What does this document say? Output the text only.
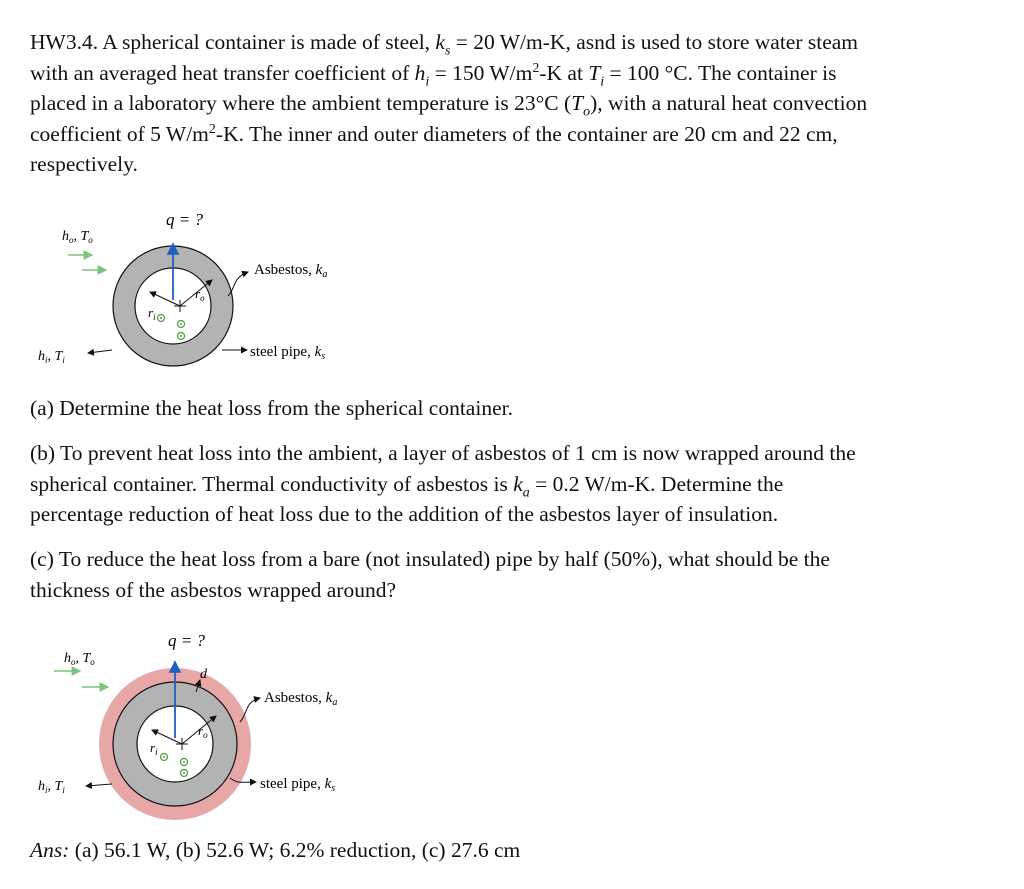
HW3.4. A spherical container is made of steel, $k_s = 20$ W/m-K, asnd is used to store water steam
with an averaged heat transfer coefficient of $h_i = 150$ $W/m^2-K$ at $T_i = 100$ °C. The container is
placed in a laboratory where the ambient temperature is 23°C $(T_o)$, with a natural heat convection
coefficient of 5 $W/m^2-K$. The inner and outer diameters of the container are 20 cm and 22 cm,
respectively.
q = ?
$h_o$, $T_o$
$h_i$, $T_i$
Asbestos, $k_a$
steel pipe, $k_s$
$r_i$
$r_o$
(a) Determine the heat loss from the spherical container.
(b) To prevent heat loss into the ambient, a layer of asbestos of 1 cm is now wrapped around the
spherical container. Thermal conductivity of asbestos is $k_a = 0.2$ W/m-K. Determine the
percentage reduction of heat loss due to the addition of the asbestos layer of insulation.
(c) To reduce the heat loss from a bare (not insulated) pipe by half (50%), what should be the
thickness of the asbestos wrapped around?
q = ?
d
$h_o$, $T_o$
$h_i$, $T_i$
Asbestos, $k_a$
steel pipe, $k_s$
$r_i$
$r_o$
Ans: (a) 56.1 W, (b) 52.6 W; 6.2% reduction, (c) 27.6 cm
